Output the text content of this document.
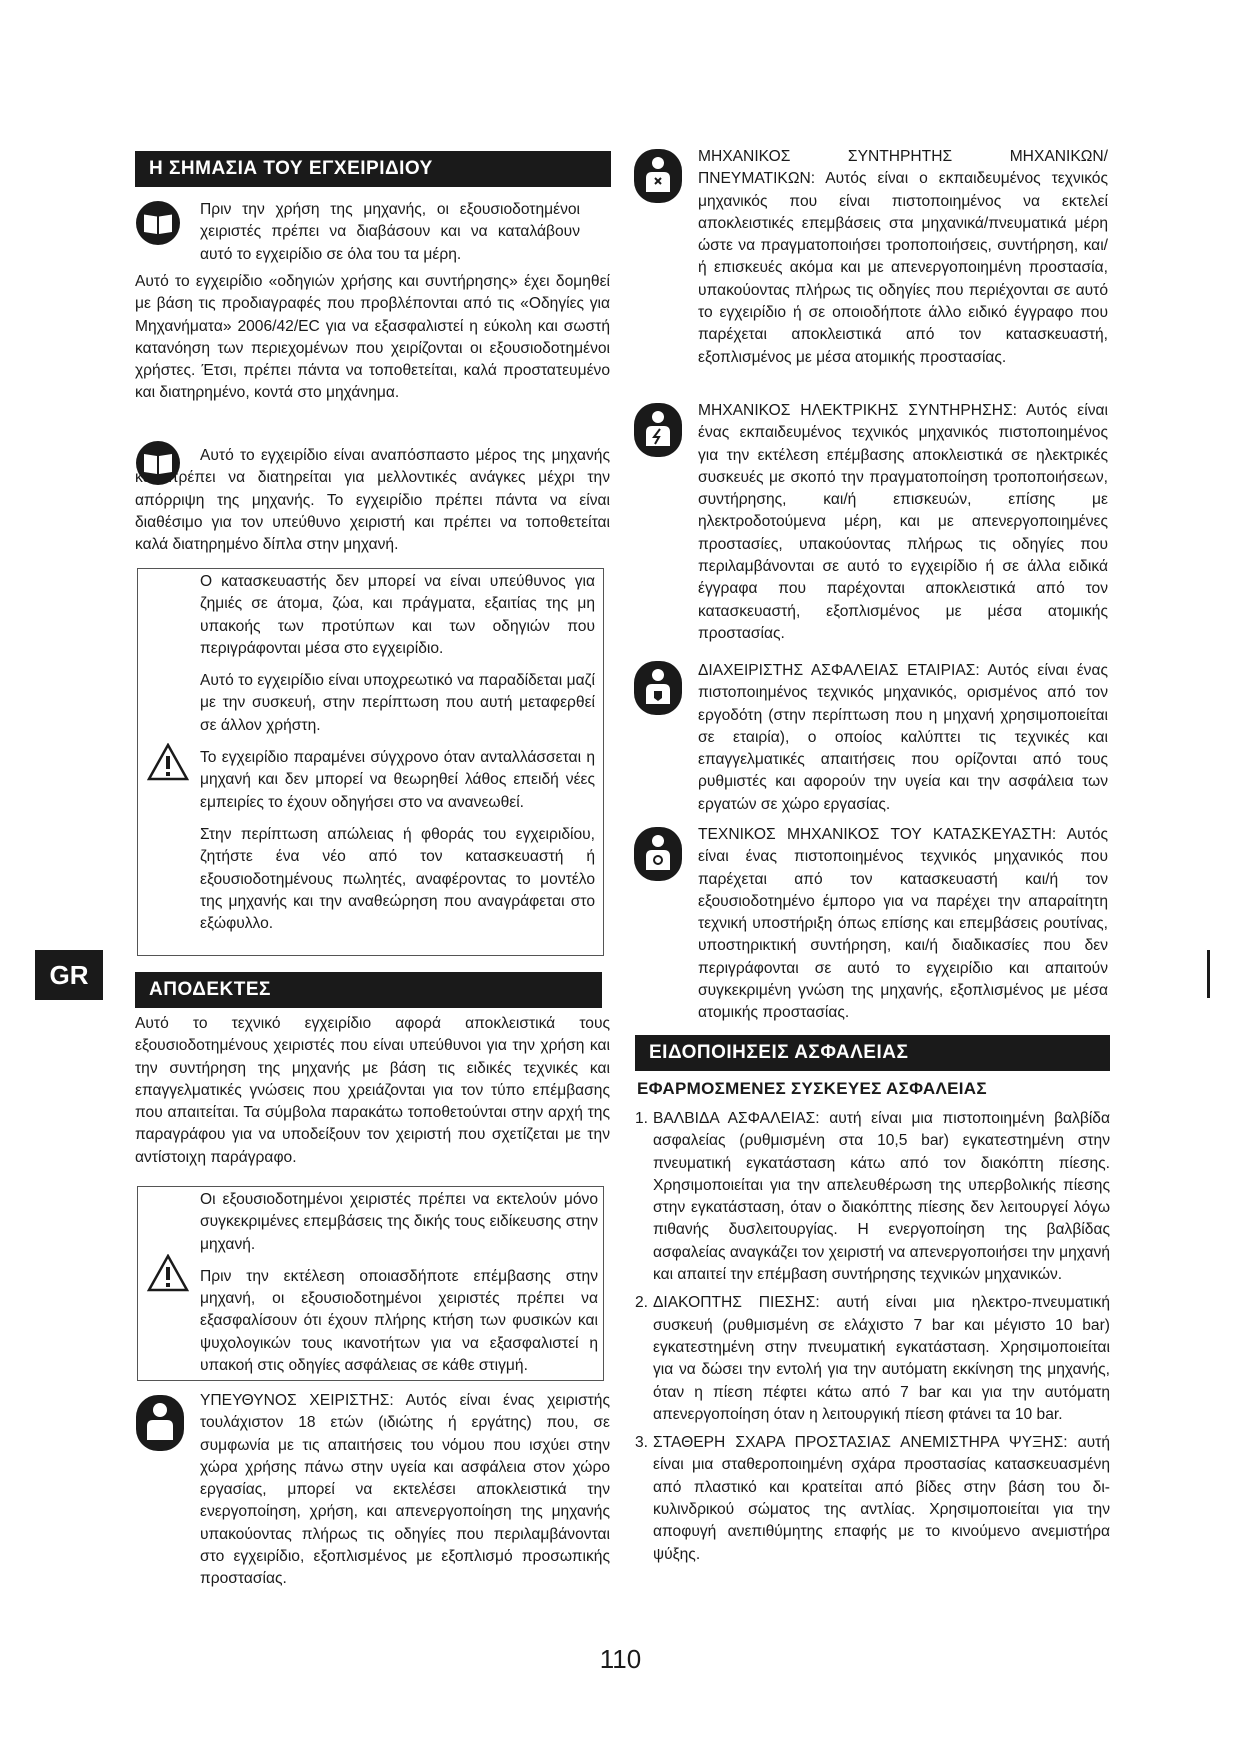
Η ΣΗΜΑΣΙΑ ΤΟΥ ΕΓΧΕΙΡΙΔΙΟΥ
Πριν την χρήση της μηχανής, οι εξουσιοδοτημένοι χειριστές πρέπει να διαβάσουν και να καταλάβουν αυτό το εγχειρίδιο σε όλα του τα μέρη.
Αυτό το εγχειρίδιο «οδηγιών χρήσης και συντήρησης» έχει δομηθεί με βάση τις προδιαγραφές που προβλέπονται από τις «Οδηγίες για Μηχανήματα» 2006/42/EC για να εξασφαλιστεί η εύκολη και σωστή κατανόηση των περιεχομένων που χειρίζονται οι εξουσιοδοτημένοι χρήστες. Έτσι, πρέπει πάντα να τοποθετείται, καλά προστατευμένο και διατηρημένο, κοντά στο μηχάνημα.
Αυτό το εγχειρίδιο είναι αναπόσπαστο μέρος της μηχανής και πρέπει να διατηρείται για μελλοντικές ανάγκες μέχρι την απόρριψη της μηχανής. Το εγχειρίδιο πρέπει πάντα να είναι διαθέσιμο για τον υπεύθυνο χειριστή και πρέπει να τοποθετείται καλά διατηρημένο δίπλα στην μηχανή.

Ο κατασκευαστής δεν μπορεί να είναι υπεύθυνος για ζημιές σε άτομα, ζώα, και πράγματα, εξαιτίας της μη υπακοής των προτύπων και των οδηγιών που περιγράφονται μέσα στο εγχειρίδιο.

Αυτό το εγχειρίδιο είναι υποχρεωτικό να παραδίδεται μαζί με την συσκευή, στην περίπτωση που αυτή μεταφερθεί σε άλλον χρήστη.

Το εγχειρίδιο παραμένει σύγχρονο όταν ανταλλάσσεται η μηχανή και δεν μπορεί να θεωρηθεί λάθος επειδή νέες εμπειρίες το έχουν οδηγήσει στο να ανανεωθεί.

Στην περίπτωση απώλειας ή φθοράς του εγχειριδίου, ζητήστε ένα νέο από τον κατασκευαστή ή εξουσιοδοτημένους πωλητές, αναφέροντας το μοντέλο της μηχανής και την αναθεώρηση που αναγράφεται στο εξώφυλλο.

ΑΠΟΔΕΚΤΕΣ
Αυτό το τεχνικό εγχειρίδιο αφορά αποκλειστικά τους εξουσιοδοτημένους χειριστές που είναι υπεύθυνοι για την χρήση και την συντήρηση της μηχανής με βάση τις ειδικές τεχνικές και επαγγελματικές γνώσεις που χρειάζονται για τον τύπο επέμβασης που απαιτείται. Τα σύμβολα παρακάτω τοποθετούνται στην αρχή της παραγράφου για να υποδείξουν τον χειριστή που σχετίζεται με την αντίστοιχη παράγραφο.

Οι εξουσιοδοτημένοι χειριστές πρέπει να εκτελούν μόνο συγκεκριμένες επεμβάσεις της δικής τους ειδίκευσης στην μηχανή.

Πριν την εκτέλεση οποιασδήποτε επέμβασης στην μηχανή, οι εξουσιοδοτημένοι χειριστές πρέπει να εξασφαλίσουν ότι έχουν πλήρης κτήση των φυσικών και ψυχολογικών τους ικανοτήτων για να εξασφαλιστεί η υπακοή στις οδηγίες ασφάλειας σε κάθε στιγμή.

ΥΠΕΥΘΥΝΟΣ ΧΕΙΡΙΣΤΗΣ: Αυτός είναι ένας χειριστής τουλάχιστον 18 ετών (ιδιώτης ή εργάτης) που, σε συμφωνία με τις απαιτήσεις του νόμου που ισχύει στην χώρα χρήσης πάνω στην υγεία και ασφάλεια στον χώρο εργασίας, μπορεί να εκτελέσει αποκλειστικά την ενεργοποίηση, χρήση, και απενεργοποίηση της μηχανής υπακούοντας πλήρως τις οδηγίες που περιλαμβάνονται στο εγχειρίδιο, εξοπλισμένος με εξοπλισμό προσωπικής προστασίας.
ΜΗΧΑΝΙΚΟΣ ΣΥΝΤΗΡΗΤΗΣ ΜΗΧΑΝΙΚΩΝ/ ΠΝΕΥΜΑΤΙΚΩΝ: Αυτός είναι ο εκπαιδευμένος τεχνικός μηχανικός που είναι πιστοποιημένος να εκτελεί αποκλειστικές επεμβάσεις στα μηχανικά/πνευματικά μέρη ώστε να πραγματοποιήσει τροποποιήσεις, συντήρηση, και/ή επισκευές ακόμα και με απενεργοποιημένη προστασία, υπακούοντας πλήρως τις οδηγίες που περιέχονται σε αυτό το εγχειρίδιο ή σε οποιοδήποτε άλλο ειδικό έγγραφο που παρέχεται αποκλειστικά από τον κατασκευαστή, εξοπλισμένος με μέσα ατομικής προστασίας.
ΜΗΧΑΝΙΚΟΣ ΗΛΕΚΤΡΙΚΗΣ ΣΥΝΤΗΡΗΣΗΣ: Αυτός είναι ένας εκπαιδευμένος τεχνικός μηχανικός πιστοποιημένος για την εκτέλεση επέμβασης αποκλειστικά σε ηλεκτρικές συσκευές με σκοπό την πραγματοποίηση τροποποιήσεων, συντήρησης, και/ή επισκευών, επίσης με ηλεκτροδοτούμενα μέρη, και με απενεργοποιημένες προστασίες, υπακούοντας πλήρως τις οδηγίες που περιλαμβάνονται σε αυτό το εγχειρίδιο ή σε άλλα ειδικά έγγραφα που παρέχονται αποκλειστικά από τον κατασκευαστή, εξοπλισμένος με μέσα ατομικής προστασίας.
ΔΙΑΧΕΙΡΙΣΤΗΣ ΑΣΦΑΛΕΙΑΣ ΕΤΑΙΡΙΑΣ: Αυτός είναι ένας πιστοποιημένος τεχνικός μηχανικός, ορισμένος από τον εργοδότη (στην περίπτωση που η μηχανή χρησιμοποιείται σε εταιρία), ο οποίος καλύπτει τις τεχνικές και επαγγελματικές απαιτήσεις που ορίζονται από τους ρυθμιστές και αφορούν την υγεία και την ασφάλεια των εργατών σε χώρο εργασίας.
ΤΕΧΝΙΚΟΣ ΜΗΧΑΝΙΚΟΣ ΤΟΥ ΚΑΤΑΣΚΕΥΑΣΤΗ: Αυτός είναι ένας πιστοποιημένος τεχνικός μηχανικός που παρέχεται από τον κατασκευαστή και/ή τον εξουσιοδοτημένο έμπορο για να παρέχει την απαραίτητη τεχνική υποστήριξη όπως επίσης και επεμβάσεις ρουτίνας, υποστηρικτική συντήρηση, και/ή διαδικασίες που δεν περιγράφονται σε αυτό το εγχειρίδιο και απαιτούν συγκεκριμένη γνώση της μηχανής, εξοπλισμένος με μέσα ατομικής προστασίας.
ΕΙΔΟΠΟΙΗΣΕΙΣ ΑΣΦΑΛΕΙΑΣ
ΕΦΑΡΜΟΣΜΕΝΕΣ ΣΥΣΚΕΥΕΣ ΑΣΦΑΛΕΙΑΣ
1. ΒΑΛΒΙΔΑ ΑΣΦΑΛΕΙΑΣ: αυτή είναι μια πιστοποιημένη βαλβίδα ασφαλείας (ρυθμισμένη στα 10,5 bar) εγκατεστημένη στην πνευματική εγκατάσταση κάτω από τον διακόπτη πίεσης. Χρησιμοποιείται για την απελευθέρωση της υπερβολικής πίεσης στην εγκατάσταση, όταν ο διακόπτης πίεσης δεν λειτουργεί λόγω πιθανής δυσλειτουργίας. Η ενεργοποίηση της βαλβίδας ασφαλείας αναγκάζει τον χειριστή να απενεργοποιήσει την μηχανή και απαιτεί την επέμβαση συντήρησης τεχνικών μηχανικών.
2. ΔΙΑΚΟΠΤΗΣ ΠΙΕΣΗΣ: αυτή είναι μια ηλεκτρο-πνευματική συσκευή (ρυθμισμένη σε ελάχιστο 7 bar και μέγιστο 10 bar) εγκατεστημένη στην πνευματική εγκατάσταση. Χρησιμοποιείται για να δώσει την εντολή για την αυτόματη εκκίνηση της μηχανής, όταν η πίεση πέφτει κάτω από 7 bar και για την αυτόματη απενεργοποίηση όταν η λειτουργική πίεση φτάνει τα 10 bar.
3. ΣΤΑΘΕΡΗ ΣΧΑΡΑ ΠΡΟΣΤΑΣΙΑΣ ΑΝΕΜΙΣΤΗΡΑ ΨΥΞΗΣ: αυτή είναι μια σταθεροποιημένη σχάρα προστασίας κατασκευασμένη από πλαστικό και κρατείται από βίδες στην βάση του δι-κυλινδρικού σώματος της αντλίας. Χρησιμοποιείται για την αποφυγή ανεπιθύμητης επαφής με το κινούμενο ανεμιστήρα ψύξης.
GR
110
